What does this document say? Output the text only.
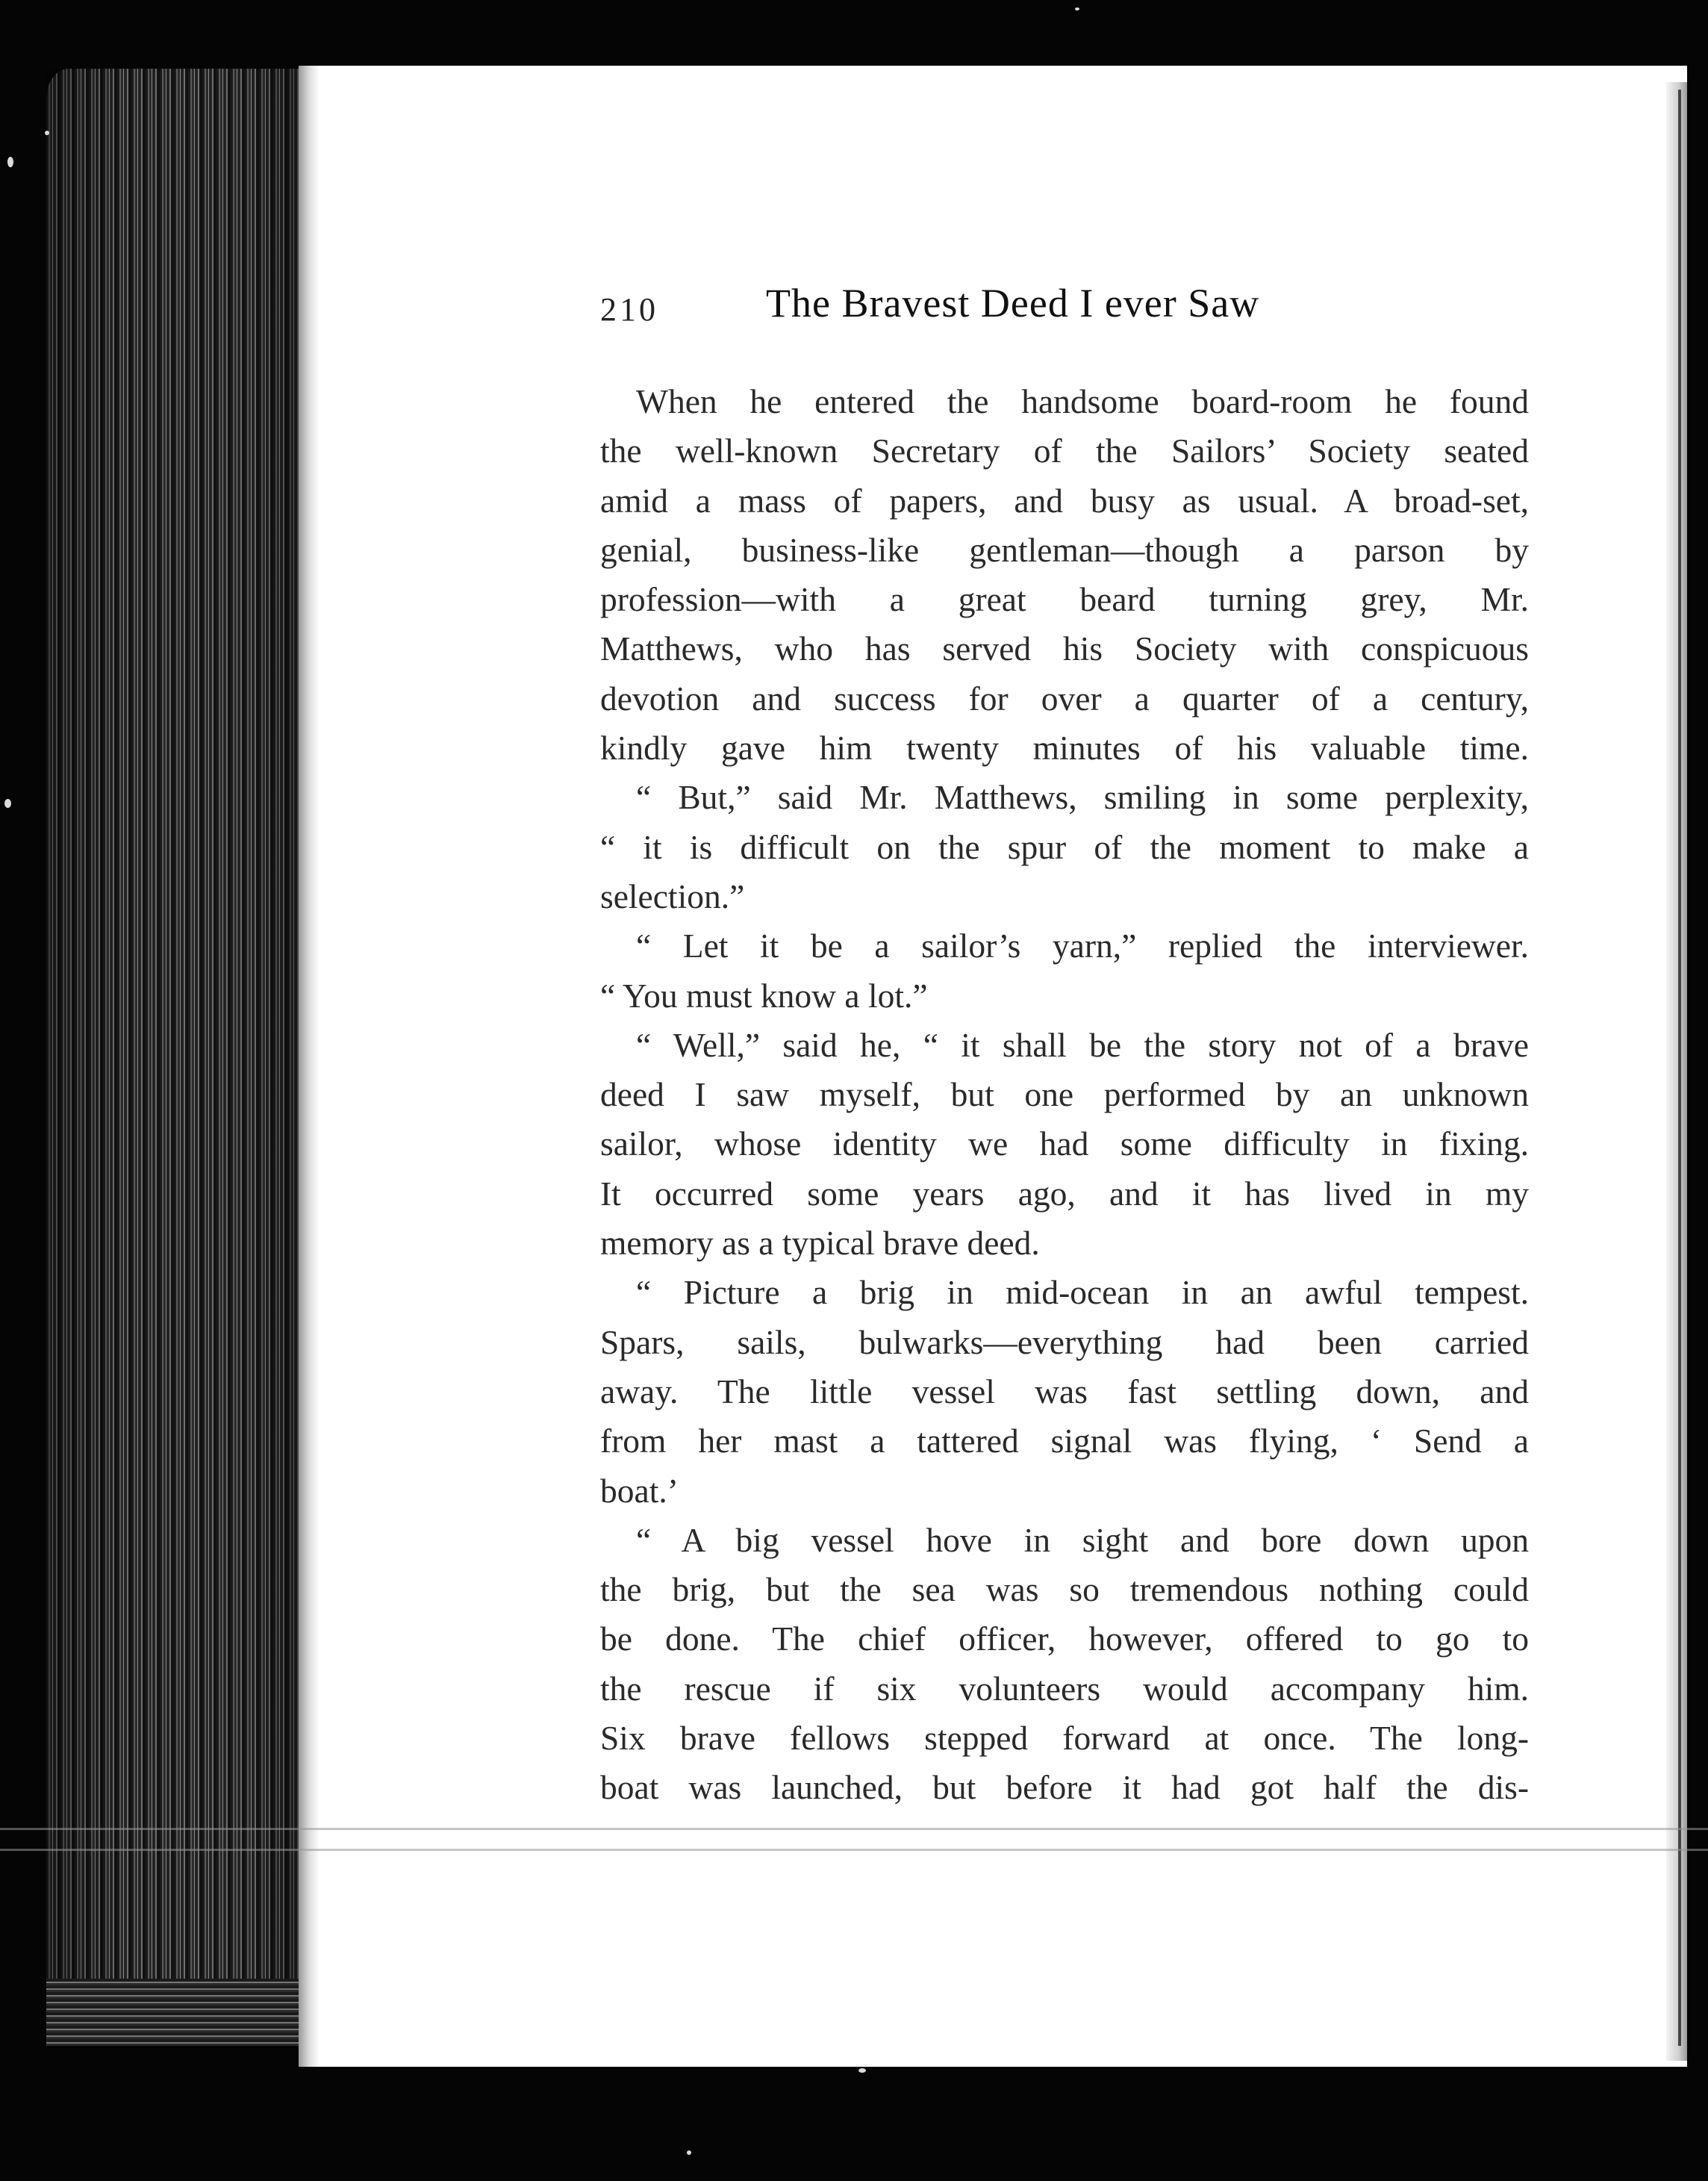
210	The Bravest Deed I ever Saw
When he entered the handsome board-room he found
the well-known Secretary of the Sailors’ Society seated
amid a mass of papers, and busy as usual. A broad-set,
genial, business-like gentleman—though a parson by
profession—with a great beard turning grey, Mr.
Matthews, who has served his Society with conspicuous
devotion and success for over a quarter of a century,
kindly gave him twenty minutes of his valuable time.
“ But,” said Mr. Matthews, smiling in some perplexity,
“ it is difficult on the spur of the moment to make a
selection.”
“ Let it be a sailor’s yarn,” replied the interviewer.
“ You must know a lot.”
“ Well,” said he, “ it shall be the story not of a brave
deed I saw myself, but one performed by an unknown
sailor, whose identity we had some difficulty in fixing.
It occurred some years ago, and it has lived in my
memory as a typical brave deed.
“ Picture a brig in mid-ocean in an awful tempest.
Spars, sails, bulwarks—everything had been carried
away. The little vessel was fast settling down, and
from her mast a tattered signal was flying, ‘ Send a
boat.’
“ A big vessel hove in sight and bore down upon
the brig, but the sea was so tremendous nothing could
be done. The chief officer, however, offered to go to
the rescue if six volunteers would accompany him.
Six brave fellows stepped forward at once. The long-
boat was launched, but before it had got half the dis-
